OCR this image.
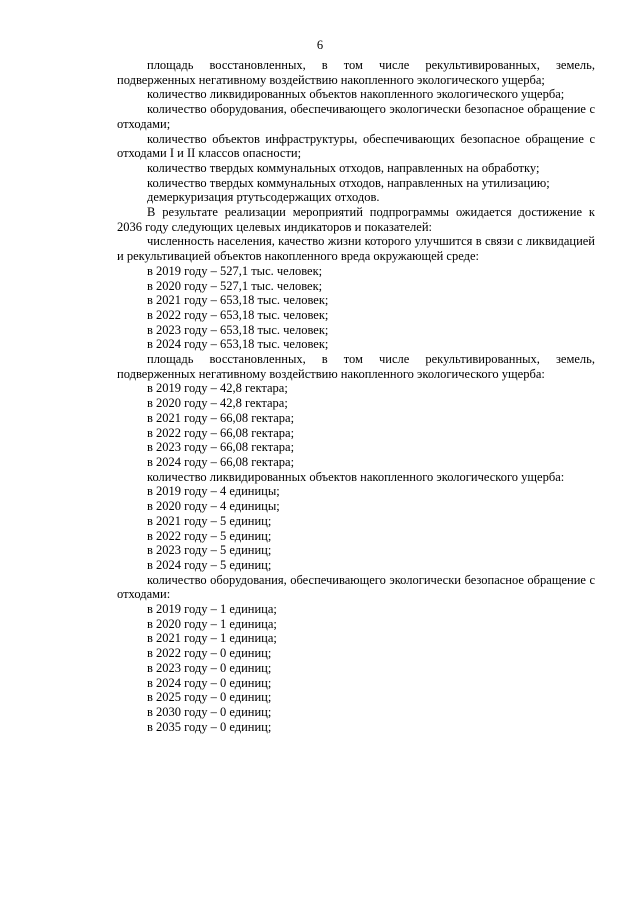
6

площадь восстановленных, в том числе рекультивированных, земель, подверженных негативному воздействию накопленного экологического ущерба;

количество ликвидированных объектов накопленного экологического ущерба;

количество оборудования, обеспечивающего экологически безопасное обращение с отходами;

количество объектов инфраструктуры, обеспечивающих безопасное обращение с отходами I и II классов опасности;

количество твердых коммунальных отходов, направленных на обработку;

количество твердых коммунальных отходов, направленных на утилизацию;

демеркуризация ртутьсодержащих отходов.

В результате реализации мероприятий подпрограммы ожидается достижение к 2036 году следующих целевых индикаторов и показателей:

численность населения, качество жизни которого улучшится в связи с ликвидацией и рекультивацией объектов накопленного вреда окружающей среде:

в 2019 году – 527,1 тыс. человек;

в 2020 году – 527,1 тыс. человек;

в 2021 году – 653,18 тыс. человек;

в 2022 году – 653,18 тыс. человек;

в 2023 году – 653,18 тыс. человек;

в 2024 году – 653,18 тыс. человек;

площадь восстановленных, в том числе рекультивированных, земель, подверженных негативному воздействию накопленного экологического ущерба:

в 2019 году – 42,8 гектара;

в 2020 году – 42,8 гектара;

в 2021 году – 66,08 гектара;

в 2022 году – 66,08 гектара;

в 2023 году – 66,08 гектара;

в 2024 году – 66,08 гектара;

количество ликвидированных объектов накопленного экологического ущерба:

в 2019 году – 4 единицы;

в 2020 году – 4 единицы;

в 2021 году – 5 единиц;

в 2022 году – 5 единиц;

в 2023 году – 5 единиц;

в 2024 году – 5 единиц;

количество оборудования, обеспечивающего экологически безопасное обращение с отходами:

в 2019 году – 1 единица;

в 2020 году – 1 единица;

в 2021 году – 1 единица;

в 2022 году – 0 единиц;

в 2023 году – 0 единиц;

в 2024 году – 0 единиц;

в 2025 году – 0 единиц;

в 2030 году – 0 единиц;

в 2035 году – 0 единиц;
